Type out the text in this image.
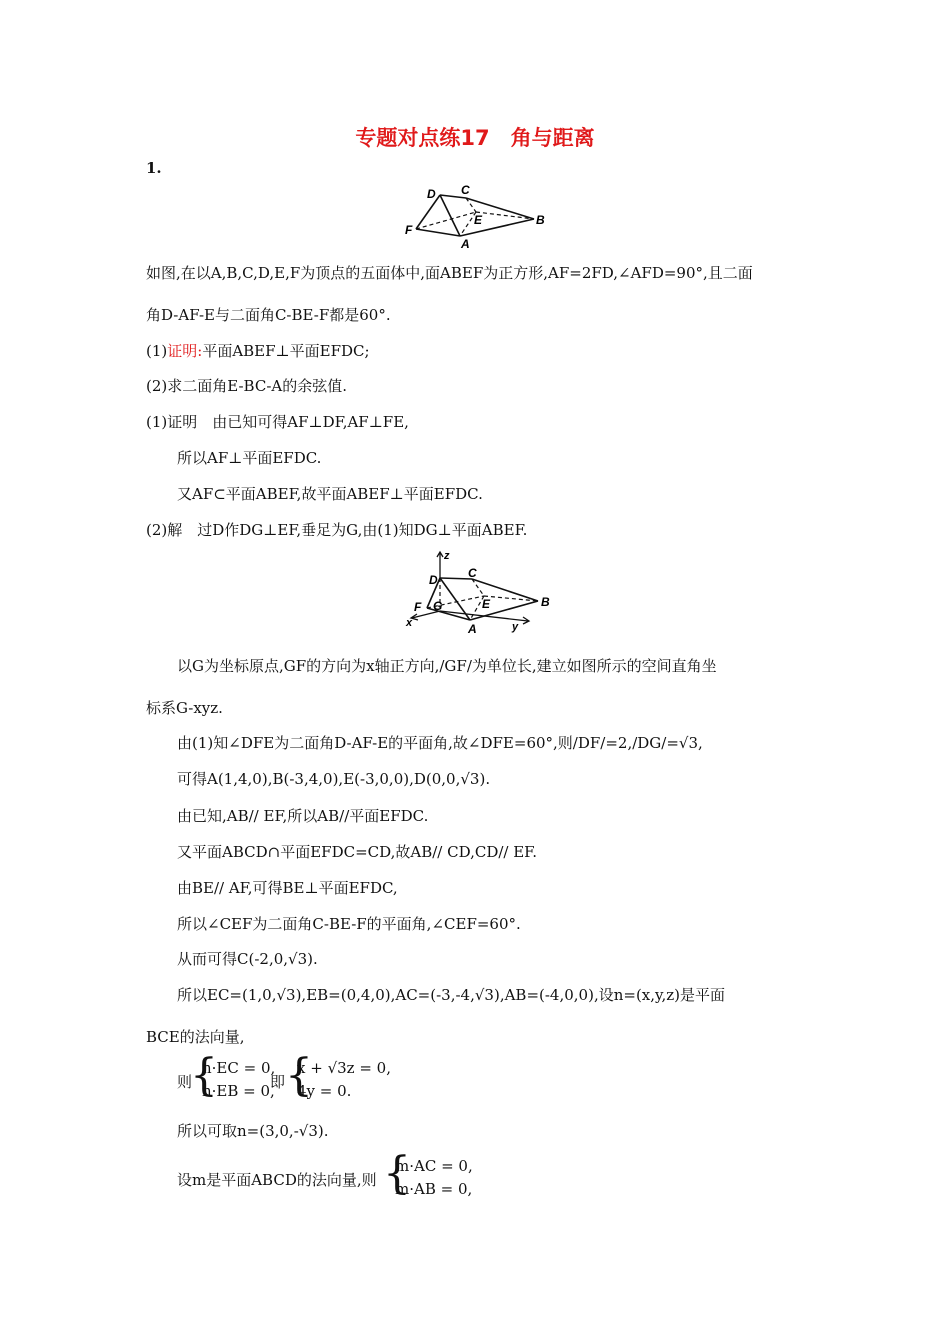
专题对点练17　角与距离
1.
D C
E	B
F
A
如图,在以A,B,C,D,E,F为顶点的五面体中,面ABEF为正方形,AF=2FD,∠AFD=90°,且二面
角D-AF-E与二面角C-BE-F都是60°.
(1)证明:平面ABEF⊥平面EFDC;
(2)求二面角E-BC-A的余弦值.
(1)证明　由已知可得AF⊥DF,AF⊥FE,
所以AF⊥平面EFDC.
又AF⊂平面ABEF,故平面ABEF⊥平面EFDC.
(2)解　过D作DG⊥EF,垂足为G,由(1)知DG⊥平面ABEF.
z
D	C
G	E	B
F
A
x	y
以G为坐标原点,GF的方向为x轴正方向,/GF/为单位长,建立如图所示的空间直角坐
标系G-xyz.
由(1)知∠DFE为二面角D-AF-E的平面角,故∠DFE=60°,则/DF/=2,/DG/=√3,
可得A(1,4,0),B(-3,4,0),E(-3,0,0),D(0,0,√3).
由已知,AB// EF,所以AB//平面EFDC.
又平面ABCD∩平面EFDC=CD,故AB// CD,CD// EF.
由BE// AF,可得BE⊥平面EFDC,
所以∠CEF为二面角C-BE-F的平面角,∠CEF=60°.
从而可得C(-2,0,√3).
所以EC=(1,0,√3),EB=(0,4,0),AC=(-3,-4,√3),AB=(-4,0,0),设n=(x,y,z)是平面
BCE的法向量,
则
{
n·EC = 0,
n·EB = 0,
即 {
x + √3z = 0,
4y = 0.
所以可取n=(3,0,-√3).
设m是平面ABCD的法向量,则 {
m·AC = 0,
m·AB = 0,
